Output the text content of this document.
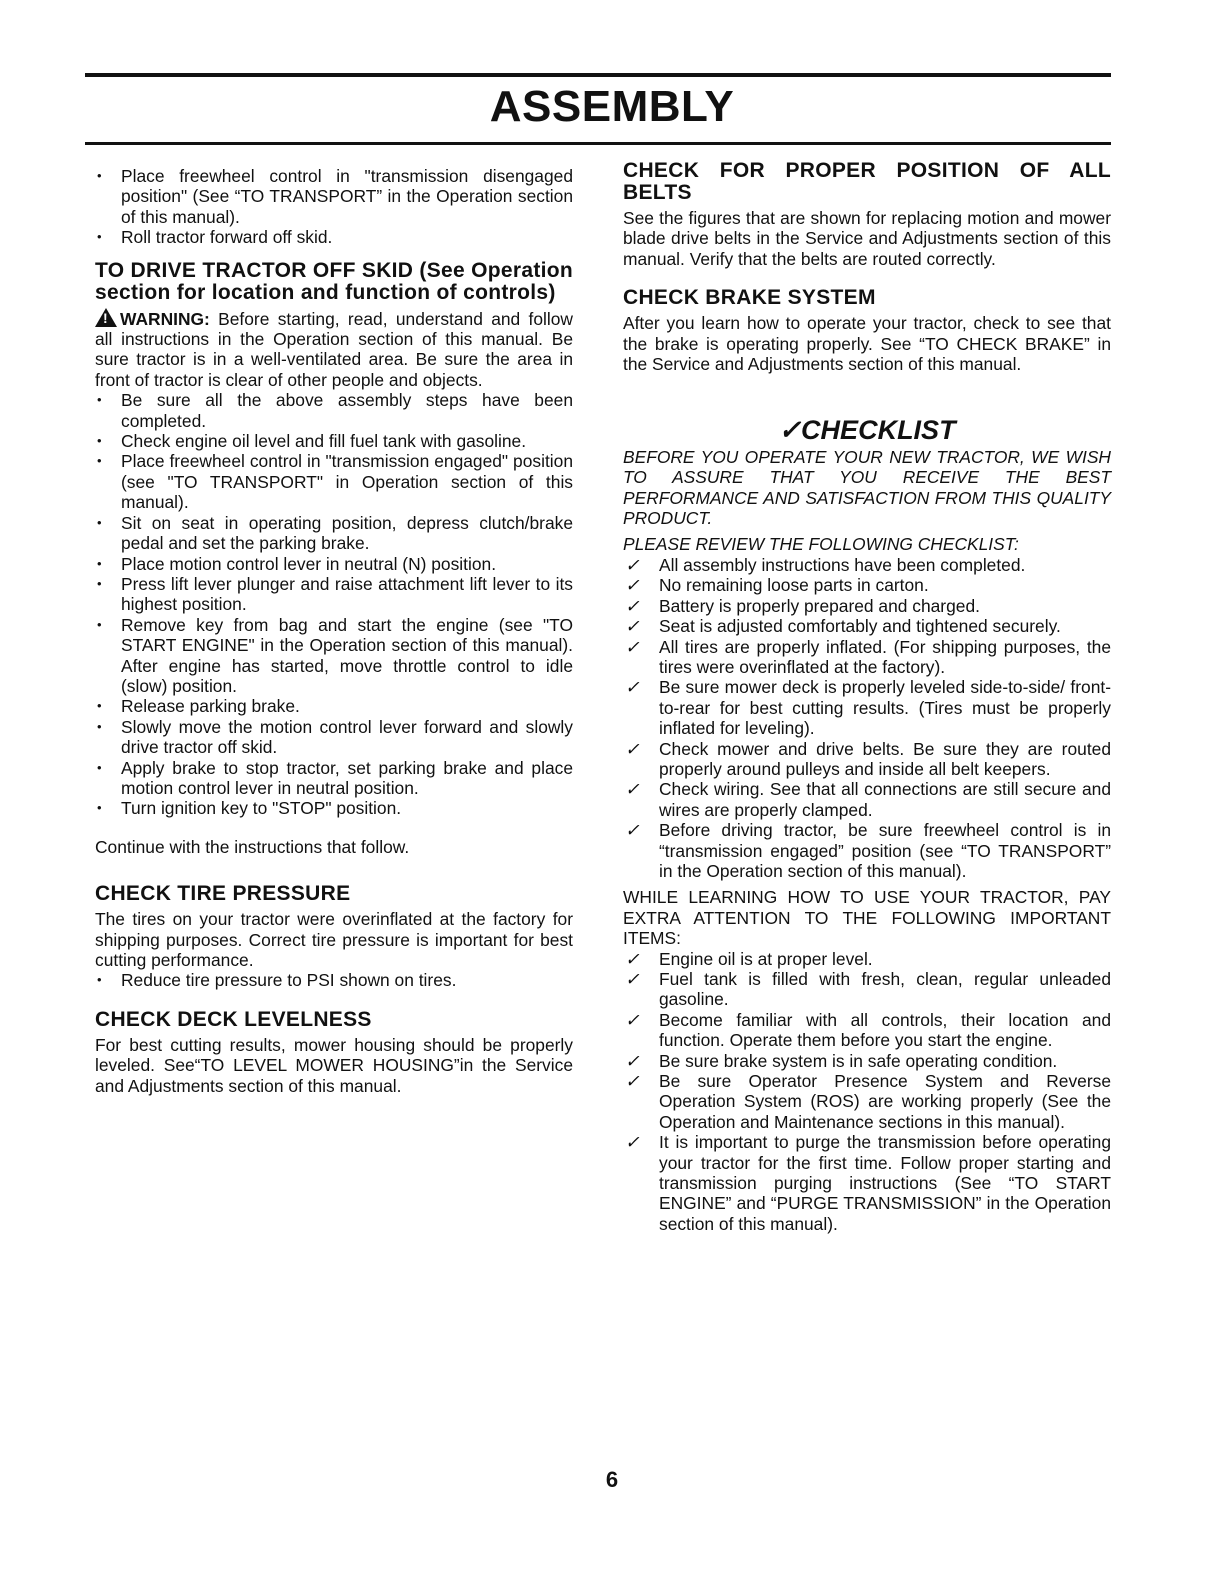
ASSEMBLY
• Place freewheel control in "transmission disengaged position" (See “TO TRANSPORT” in the Operation section of this manual).
• Roll tractor forward off skid.
TO DRIVE TRACTOR OFF SKID (See Operation section for location and function of controls)

! WARNING: Before starting, read, understand and follow all instructions in the Operation section of this manual. Be sure tractor is in a well-ventilated area. Be sure the area in front of tractor is clear of other people and objects.

• Be sure all the above assembly steps have been completed.
• Check engine oil level and fill fuel tank with gasoline.
• Place freewheel control in "transmission engaged" position (see "TO TRANSPORT" in Operation section of this manual).
• Sit on seat in operating position, depress clutch/brake pedal and set the parking brake.
• Place motion control lever in neutral (N) position.
• Press lift lever plunger and raise attachment lift lever to its highest position.
• Remove key from bag and start the engine (see "TO START ENGINE" in the Operation section of this manual). After engine has started, move throttle control to idle (slow) position.
• Release parking brake.
• Slowly move the motion control lever forward and slowly drive tractor off skid.
• Apply brake to stop tractor, set parking brake and place motion control lever in neutral position.
• Turn ignition key to "STOP" position.

Continue with the instructions that follow.

CHECK TIRE PRESSURE

The tires on your tractor were overinflated at the factory for shipping purposes. Correct tire pressure is important for best cutting performance.

• Reduce tire pressure to PSI shown on tires.
CHECK DECK LEVELNESS

For best cutting results, mower housing should be properly leveled. See“TO LEVEL MOWER HOUSING”in the Service and Adjustments section of this manual.

CHECK FOR PROPER POSITION OF ALL BELTS

See the figures that are shown for replacing motion and mower blade drive belts in the Service and Adjustments section of this manual. Verify that the belts are routed correctly.

CHECK BRAKE SYSTEM

After you learn how to operate your tractor, check to see that the brake is operating properly. See “TO CHECK BRAKE” in the Service and Adjustments section of this manual.

✓CHECKLIST

BEFORE YOU OPERATE YOUR NEW TRACTOR, WE WISH TO ASSURE THAT YOU RECEIVE THE BEST PERFORMANCE AND SATISFACTION FROM THIS QUALITY PRODUCT.

PLEASE REVIEW THE FOLLOWING CHECKLIST:

✓ All assembly instructions have been completed.
✓ No remaining loose parts in carton.
✓ Battery is properly prepared and charged.
✓ Seat is adjusted comfortably and tightened securely.
✓ All tires are properly inflated. (For shipping purposes, the tires were overinflated at the factory).
✓ Be sure mower deck is properly leveled side-to-side/ front-to-rear for best cutting results. (Tires must be properly inflated for leveling).
✓ Check mower and drive belts. Be sure they are routed properly around pulleys and inside all belt keepers.
✓ Check wiring. See that all connections are still secure and wires are properly clamped.
✓ Before driving tractor, be sure freewheel control is in “transmission engaged” position (see “TO TRANSPORT” in the Operation section of this manual).

WHILE LEARNING HOW TO USE YOUR TRACTOR, PAY EXTRA ATTENTION TO THE FOLLOWING IMPORTANT ITEMS:

✓ Engine oil is at proper level.
✓ Fuel tank is filled with fresh, clean, regular unleaded gasoline.
✓ Become familiar with all controls, their location and function. Operate them before you start the engine.
✓ Be sure brake system is in safe operating condition.
✓ Be sure Operator Presence System and Reverse Operation System (ROS) are working properly (See the Operation and Maintenance sections in this manual).
✓ It is important to purge the transmission before operating your tractor for the first time. Follow proper starting and transmission purging instructions (See “TO START ENGINE” and “PURGE TRANSMISSION” in the Operation section of this manual).
6
